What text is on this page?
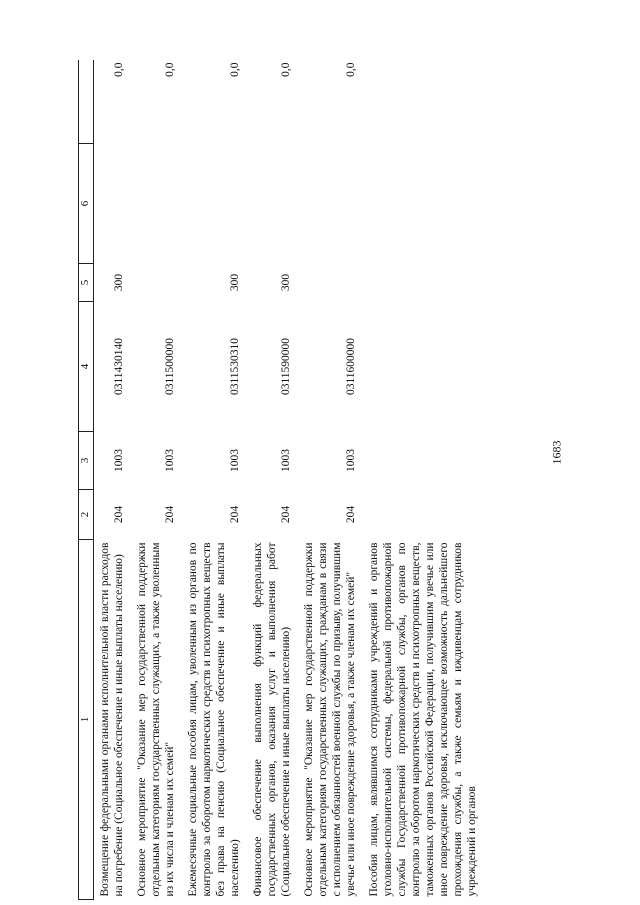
1683
1	2	3	4	5	6	
Возмещение федеральными органами исполнительной власти расходов на погребение (Социальное обеспечение и иные выплаты населению)	204	1003	0311430140	300		0,0
Основное мероприятие "Оказание мер государственной поддержки отдельным категориям государственных служащих, а также уволенным из их числа и членам их семей"	204	1003	0311500000			0,0
Ежемесячные социальные пособия лицам, уволенным из органов по контролю за оборотом наркотических средств и психотропных веществ без права на пенсию (Социальное обеспечение и иные выплаты населению)	204	1003	0311530310	300		0,0
Финансовое обеспечение выполнения функций федеральных государственных органов, оказания услуг и выполнения работ (Социальное обеспечение и иные выплаты населению)	204	1003	0311590000	300		0,0
Основное мероприятие "Оказание мер государственной поддержки отдельным категориям государственных служащих, гражданам в связи с исполнением обязанностей военной службы по призыву, получившим увечье или иное повреждение здоровья, а также членам их семей"	204	1003	0311600000			0,0
Пособия лицам, являвшимся сотрудниками учреждений и органов уголовно-исполнительной системы, федеральной противопожарной службы Государственной противопожарной службы, органов по контролю за оборотом наркотических средств и психотропных веществ, таможенных органов Российской Федерации, получившим увечье или иное повреждение здоровья, исключающее возможность дальнейшего прохождения службы, а также семьям и иждивенцам сотрудников учреждений и органов						
